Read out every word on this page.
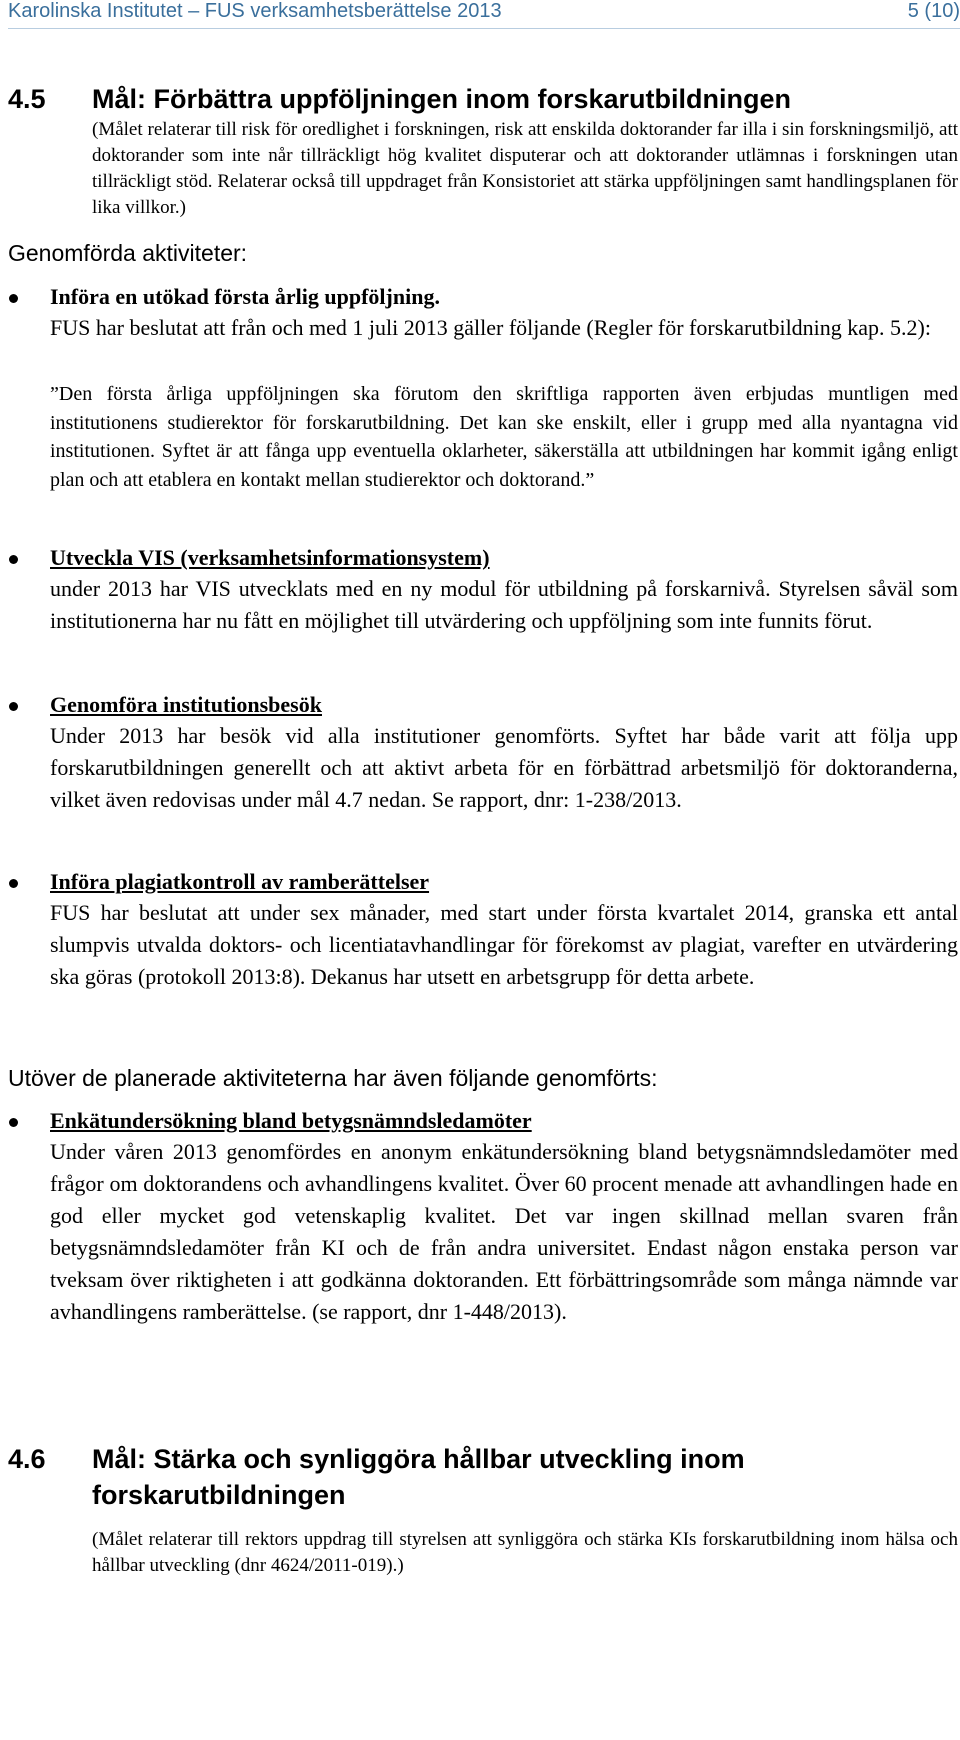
Karolinska Institutet – FUS verksamhetsberättelse 2013	5 (10)
4.5 Mål: Förbättra uppföljningen inom forskarutbildningen
(Målet relaterar till risk för oredlighet i forskningen, risk att enskilda doktorander far illa i sin forskningsmiljö, att doktorander som inte når tillräckligt hög kvalitet disputerar och att doktorander utlämnas i forskningen utan tillräckligt stöd. Relaterar också till uppdraget från Konsistoriet att stärka uppföljningen samt handlingsplanen för lika villkor.)
Genomförda aktiviteter:
Införa en utökad första årlig uppföljning.
FUS har beslutat att från och med 1 juli 2013 gäller följande (Regler för forskarutbildning kap. 5.2):
”Den första årliga uppföljningen ska förutom den skriftliga rapporten även erbjudas muntligen med institutionens studierektor för forskarutbildning. Det kan ske enskilt, eller i grupp med alla nyantagna vid institutionen. Syftet är att fånga upp eventuella oklarheter, säkerställa att utbildningen har kommit igång enligt plan och att etablera en kontakt mellan studierektor och doktorand.”
Utveckla VIS (verksamhetsinformationsystem)
under 2013 har VIS utvecklats med en ny modul för utbildning på forskarnivå. Styrelsen såväl som institutionerna har nu fått en möjlighet till utvärdering och uppföljning som inte funnits förut.
Genomföra institutionsbesök
Under 2013 har besök vid alla institutioner genomförts. Syftet har både varit att följa upp forskarutbildningen generellt och att aktivt arbeta för en förbättrad arbetsmiljö för doktoranderna, vilket även redovisas under mål 4.7 nedan. Se rapport, dnr: 1-238/2013.
Införa plagiatkontroll av ramberättelser
FUS har beslutat att under sex månader, med start under första kvartalet 2014, granska ett antal slumpvis utvalda doktors- och licentiatavhandlingar för förekomst av plagiat, varefter en utvärdering ska göras (protokoll 2013:8). Dekanus har utsett en arbetsgrupp för detta arbete.
Utöver de planerade aktiviteterna har även följande genomförts:
Enkätundersökning bland betygsnämndsledamöter
Under våren 2013 genomfördes en anonym enkätundersökning bland betygsnämndsledamöter med frågor om doktorandens och avhandlingens kvalitet. Över 60 procent menade att avhandlingen hade en god eller mycket god vetenskaplig kvalitet. Det var ingen skillnad mellan svaren från betygsnämndsledamöter från KI och de från andra universitet. Endast någon enstaka person var tveksam över riktigheten i att godkänna doktoranden. Ett förbättringsområde som många nämnde var avhandlingens ramberättelse. (se rapport, dnr 1-448/2013).
4.6 Mål: Stärka och synliggöra hållbar utveckling inom
forskarutbildningen
(Målet relaterar till rektors uppdrag till styrelsen att synliggöra och stärka KIs forskarutbildning inom hälsa och hållbar utveckling (dnr 4624/2011-019).)
